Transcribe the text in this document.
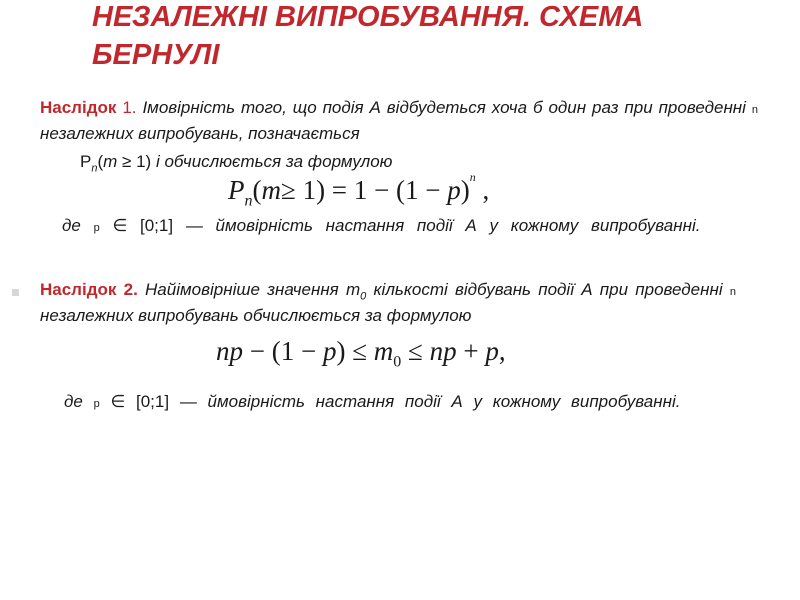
НЕЗАЛЕЖНІ ВИПРОБУВАННЯ. СХЕМА БЕРНУЛІ
Наслідок 1. Імовірність того, що подія А відбудеться хоча б один раз при проведенні n незалежних випробувань, позначається
$P_n(m \ge 1)$ і обчислюється за формулою
$P_n(m\ge 1) = 1 - (1 - p)^n$ ,
де p ∈ [0;1] — ймовірність настання події А у кожному випробуванні.
Наслідок 2. Найімовірніше значення $m_0$ кількості відбувань події А при проведенні n незалежних випробувань обчислюється за формулою
np − $(1 - p) \le m_0$ ≤ np + p,
де p ∈ [0;1] — ймовірність настання події А у кожному випробуванні.
